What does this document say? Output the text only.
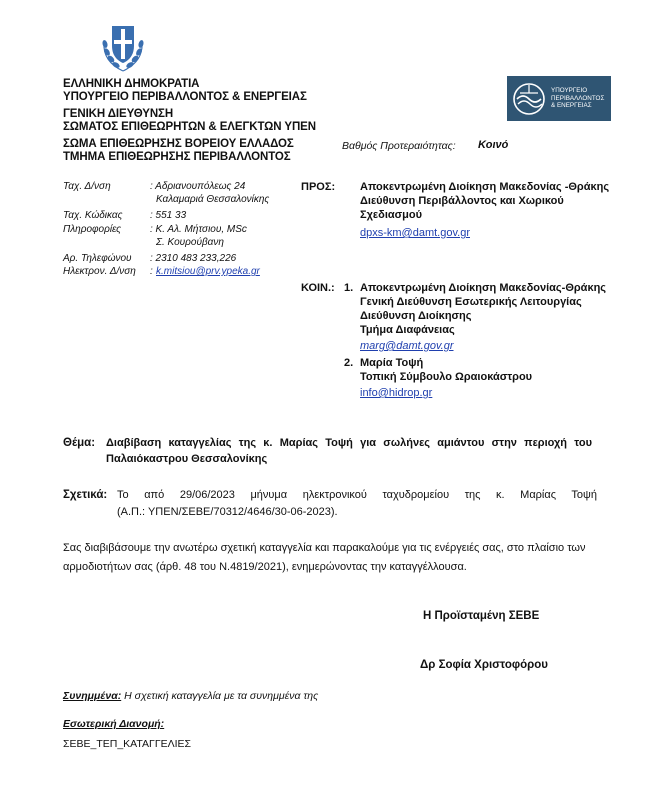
ΕΛΛΗΝΙΚΗ ΔΗΜΟΚΡΑΤΙΑ
ΥΠΟΥΡΓΕΙΟ ΠΕΡΙΒΑΛΛΟΝΤΟΣ & ΕΝΕΡΓΕΙΑΣ
ΓΕΝΙΚΗ ΔΙΕΥΘΥΝΣΗ
ΣΩΜΑΤΟΣ ΕΠΙΘΕΩΡΗΤΩΝ & ΕΛΕΓΚΤΩΝ ΥΠΕΝ
ΣΩΜΑ ΕΠΙΘΕΩΡΗΣΗΣ ΒΟΡΕΙΟΥ ΕΛΛΑΔΟΣ
ΤΜΗΜΑ ΕΠΙΘΕΩΡΗΣΗΣ ΠΕΡΙΒΑΛΛΟΝΤΟΣ
ΥΠΟΥΡΓΕΙΟ
ΠΕΡΙΒΑΛΛΟΝΤΟΣ
& ΕΝΕΡΓΕΙΑΣ
Βαθμός Προτεραιότητας: Κοινό
Ταχ. Δ/νση	: Αδριανουπόλεως 24
Καλαμαριά Θεσσαλονίκης
Ταχ. Κώδικας	: 551 33
Πληροφορίες	: Κ. Αλ. Μήτσιου, MSc
Σ. Κουρούβανη
Αρ. Τηλεφώνου : 2310 483 233,226
Ηλεκτρον. Δ/νση : k.mitsiou@prv.ypeka.gr
ΠΡΟΣ: Αποκεντρωμένη Διοίκηση Μακεδονίας -Θράκης
Διεύθυνση Περιβάλλοντος και Χωρικού
Σχεδιασμού
dpxs-km@damt.gov.gr
ΚΟΙΝ.: 1. Αποκεντρωμένη Διοίκηση Μακεδονίας-Θράκης
Γενική Διεύθυνση Εσωτερικής Λειτουργίας
Διεύθυνση Διοίκησης
Τμήμα Διαφάνειας
marg@damt.gov.gr
2. Μαρία Τοψή
Τοπική Σύμβουλο Ωραιοκάστρου
info@hidrop.gr
Θέμα: Διαβίβαση καταγγελίας της κ. Μαρίας Τοψή για σωλήνες αμιάντου στην περιοχή του
Παλαιόκαστρου Θεσσαλονίκης
Σχετικά: Το από 29/06/2023 μήνυμα ηλεκτρονικού ταχυδρομείου της κ. Μαρίας Τοψή
(Α.Π.: ΥΠΕΝ/ΣΕΒΕ/70312/4646/30-06-2023).
Σας διαβιβάσουμε την ανωτέρω σχετική καταγγελία και παρακαλούμε για τις ενέργειές σας, στο πλαίσιο των
αρμοδιοτήτων σας (άρθ. 48 του Ν.4819/2021), ενημερώνοντας την καταγγέλλουσα.
Η Προϊσταμένη ΣΕΒΕ
Δρ Σοφία Χριστοφόρου
Συνημμένα: Η σχετική καταγγελία με τα συνημμένα της
Εσωτερική Διανομή:
ΣΕΒΕ_ΤΕΠ_ΚΑΤΑΓΓΕΛΙΕΣ
